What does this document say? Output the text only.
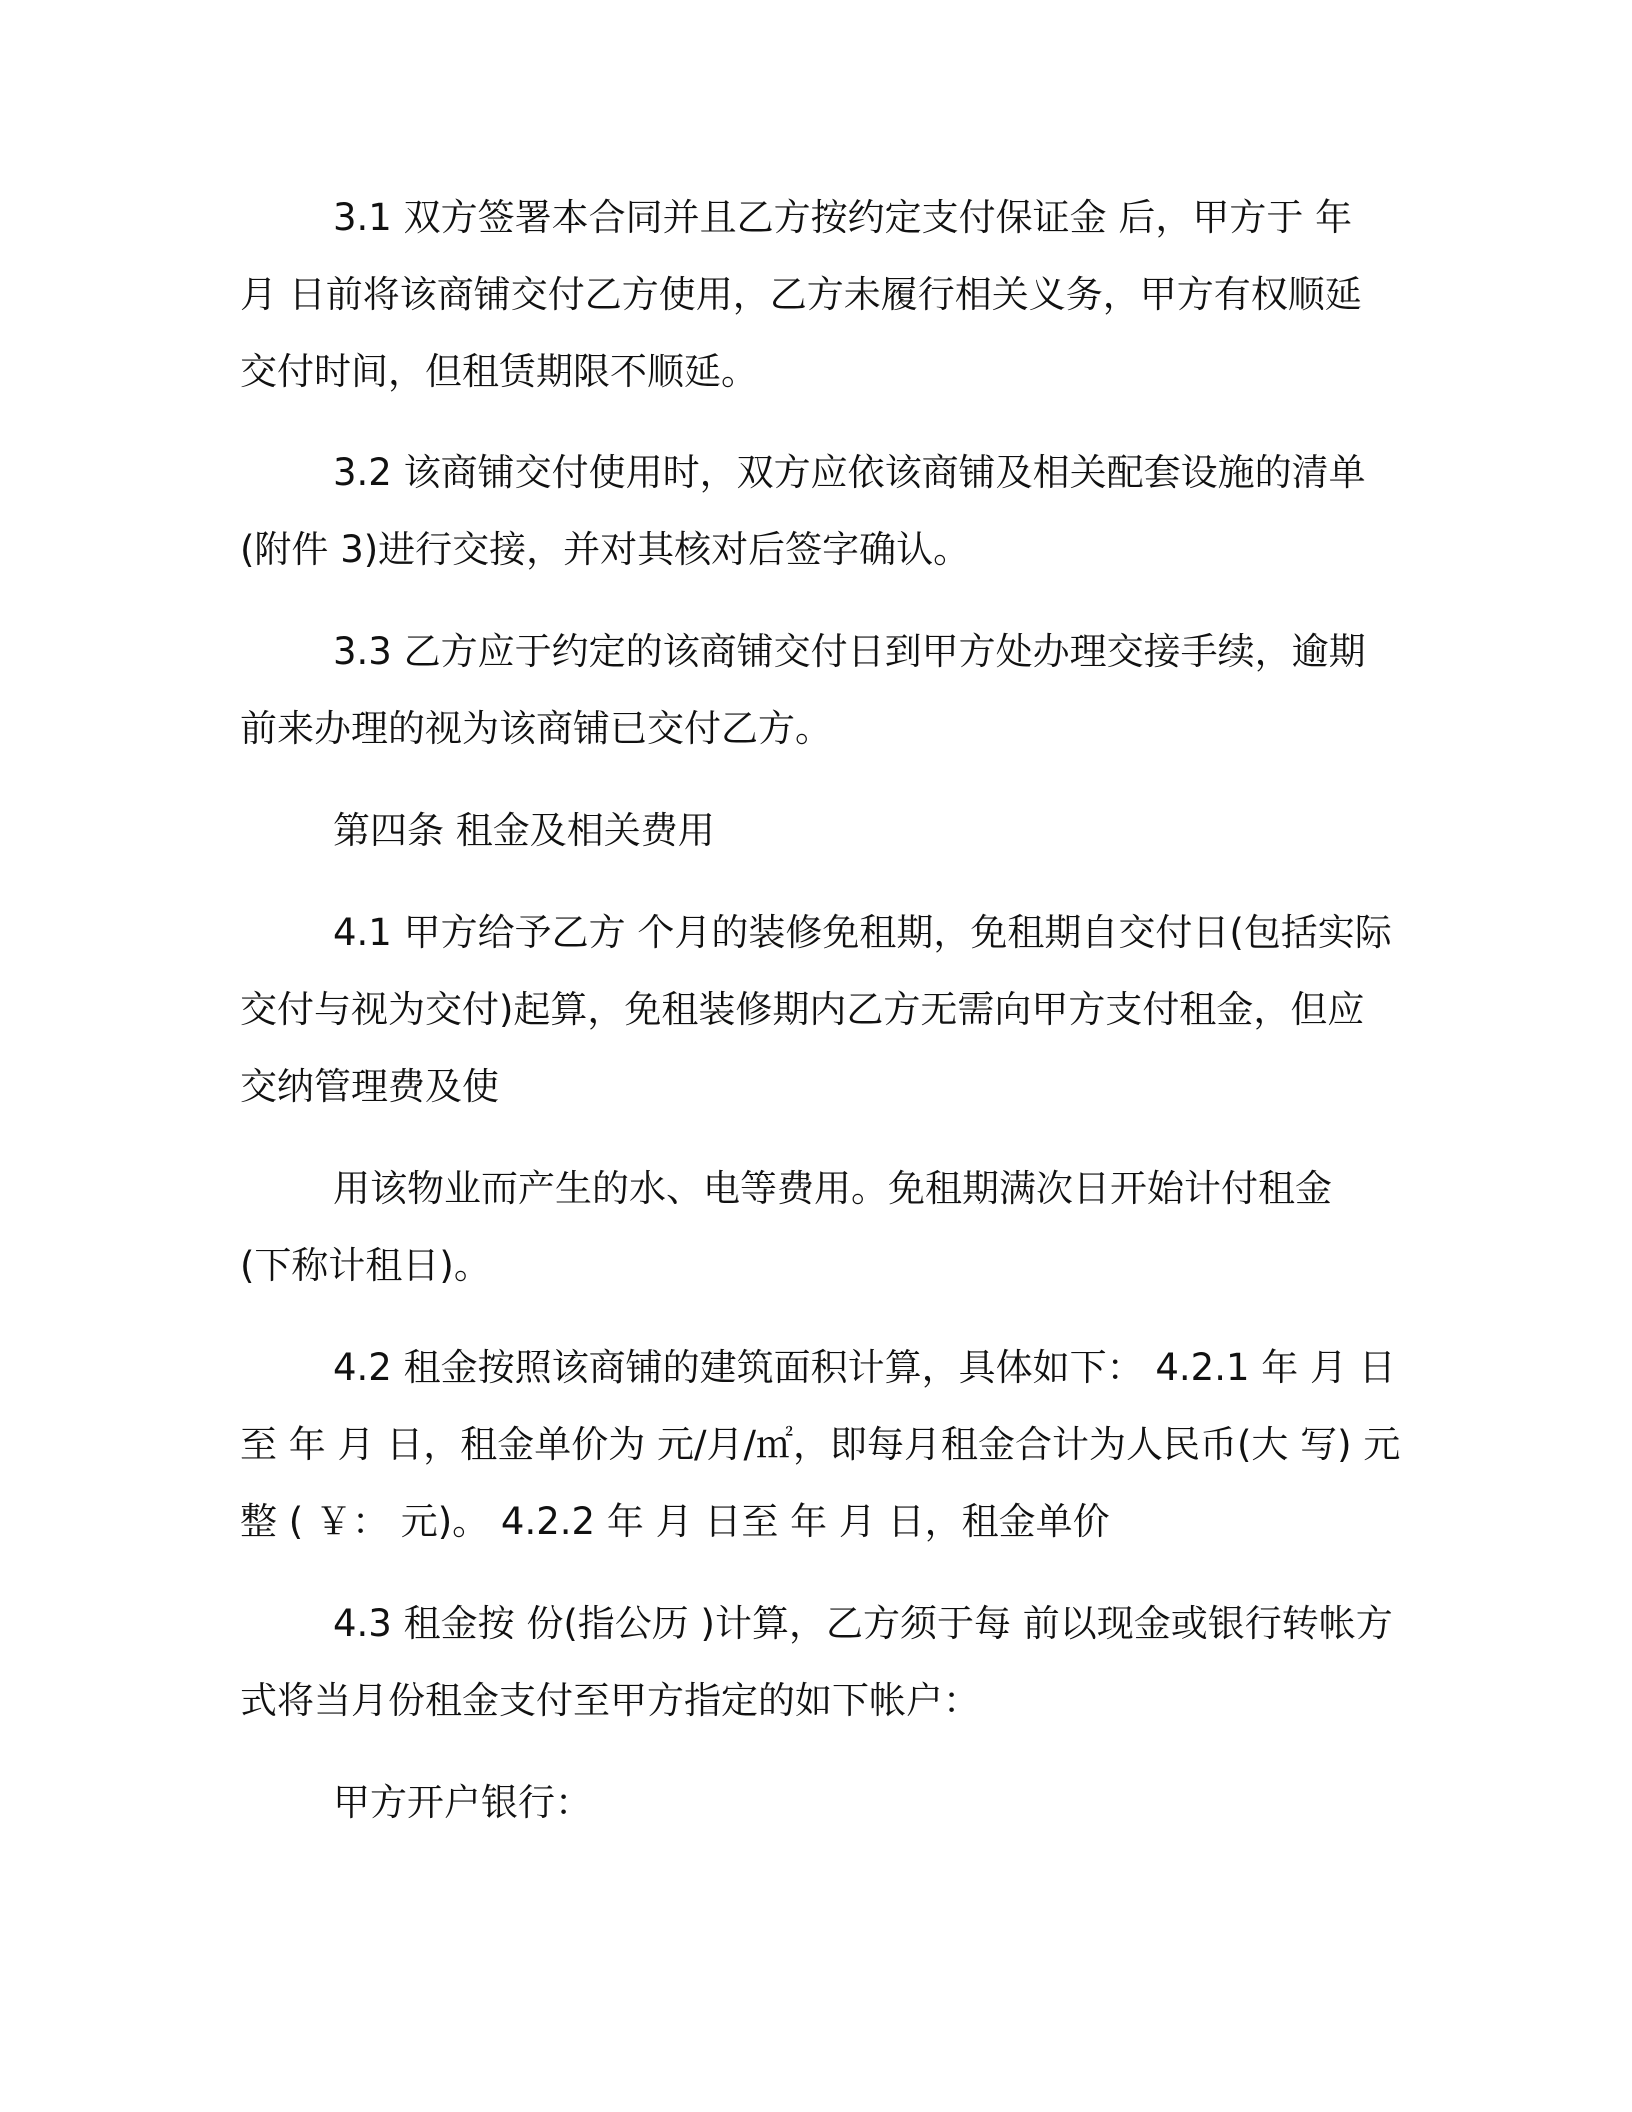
3.1 双方签署本合同并且乙方按约定支付保证金 后，甲方于 年
月 日前将该商铺交付乙方使用，乙方未履行相关义务，甲方有权顺延
交付时间，但租赁期限不顺延。
3.2 该商铺交付使用时，双方应依该商铺及相关配套设施的清单
(附件 3)进行交接，并对其核对后签字确认。
3.3 乙方应于约定的该商铺交付日到甲方处办理交接手续，逾期
前来办理的视为该商铺已交付乙方。
第四条 租金及相关费用
4.1 甲方给予乙方 个月的装修免租期，免租期自交付日(包括实际
交付与视为交付)起算，免租装修期内乙方无需向甲方支付租金，但应
交纳管理费及使
用该物业而产生的水、电等费用。免租期满次日开始计付租金
(下称计租日)。
4.2 租金按照该商铺的建筑面积计算，具体如下： 4.2.1 年 月 日
至 年 月 日，租金单价为 元/月/㎡，即每月租金合计为人民币(大 写) 元
整 ( ￥： 元)。 4.2.2 年 月 日至 年 月 日，租金单价
4.3 租金按 份(指公历 )计算，乙方须于每 前以现金或银行转帐方
式将当月份租金支付至甲方指定的如下帐户：
甲方开户银行：
